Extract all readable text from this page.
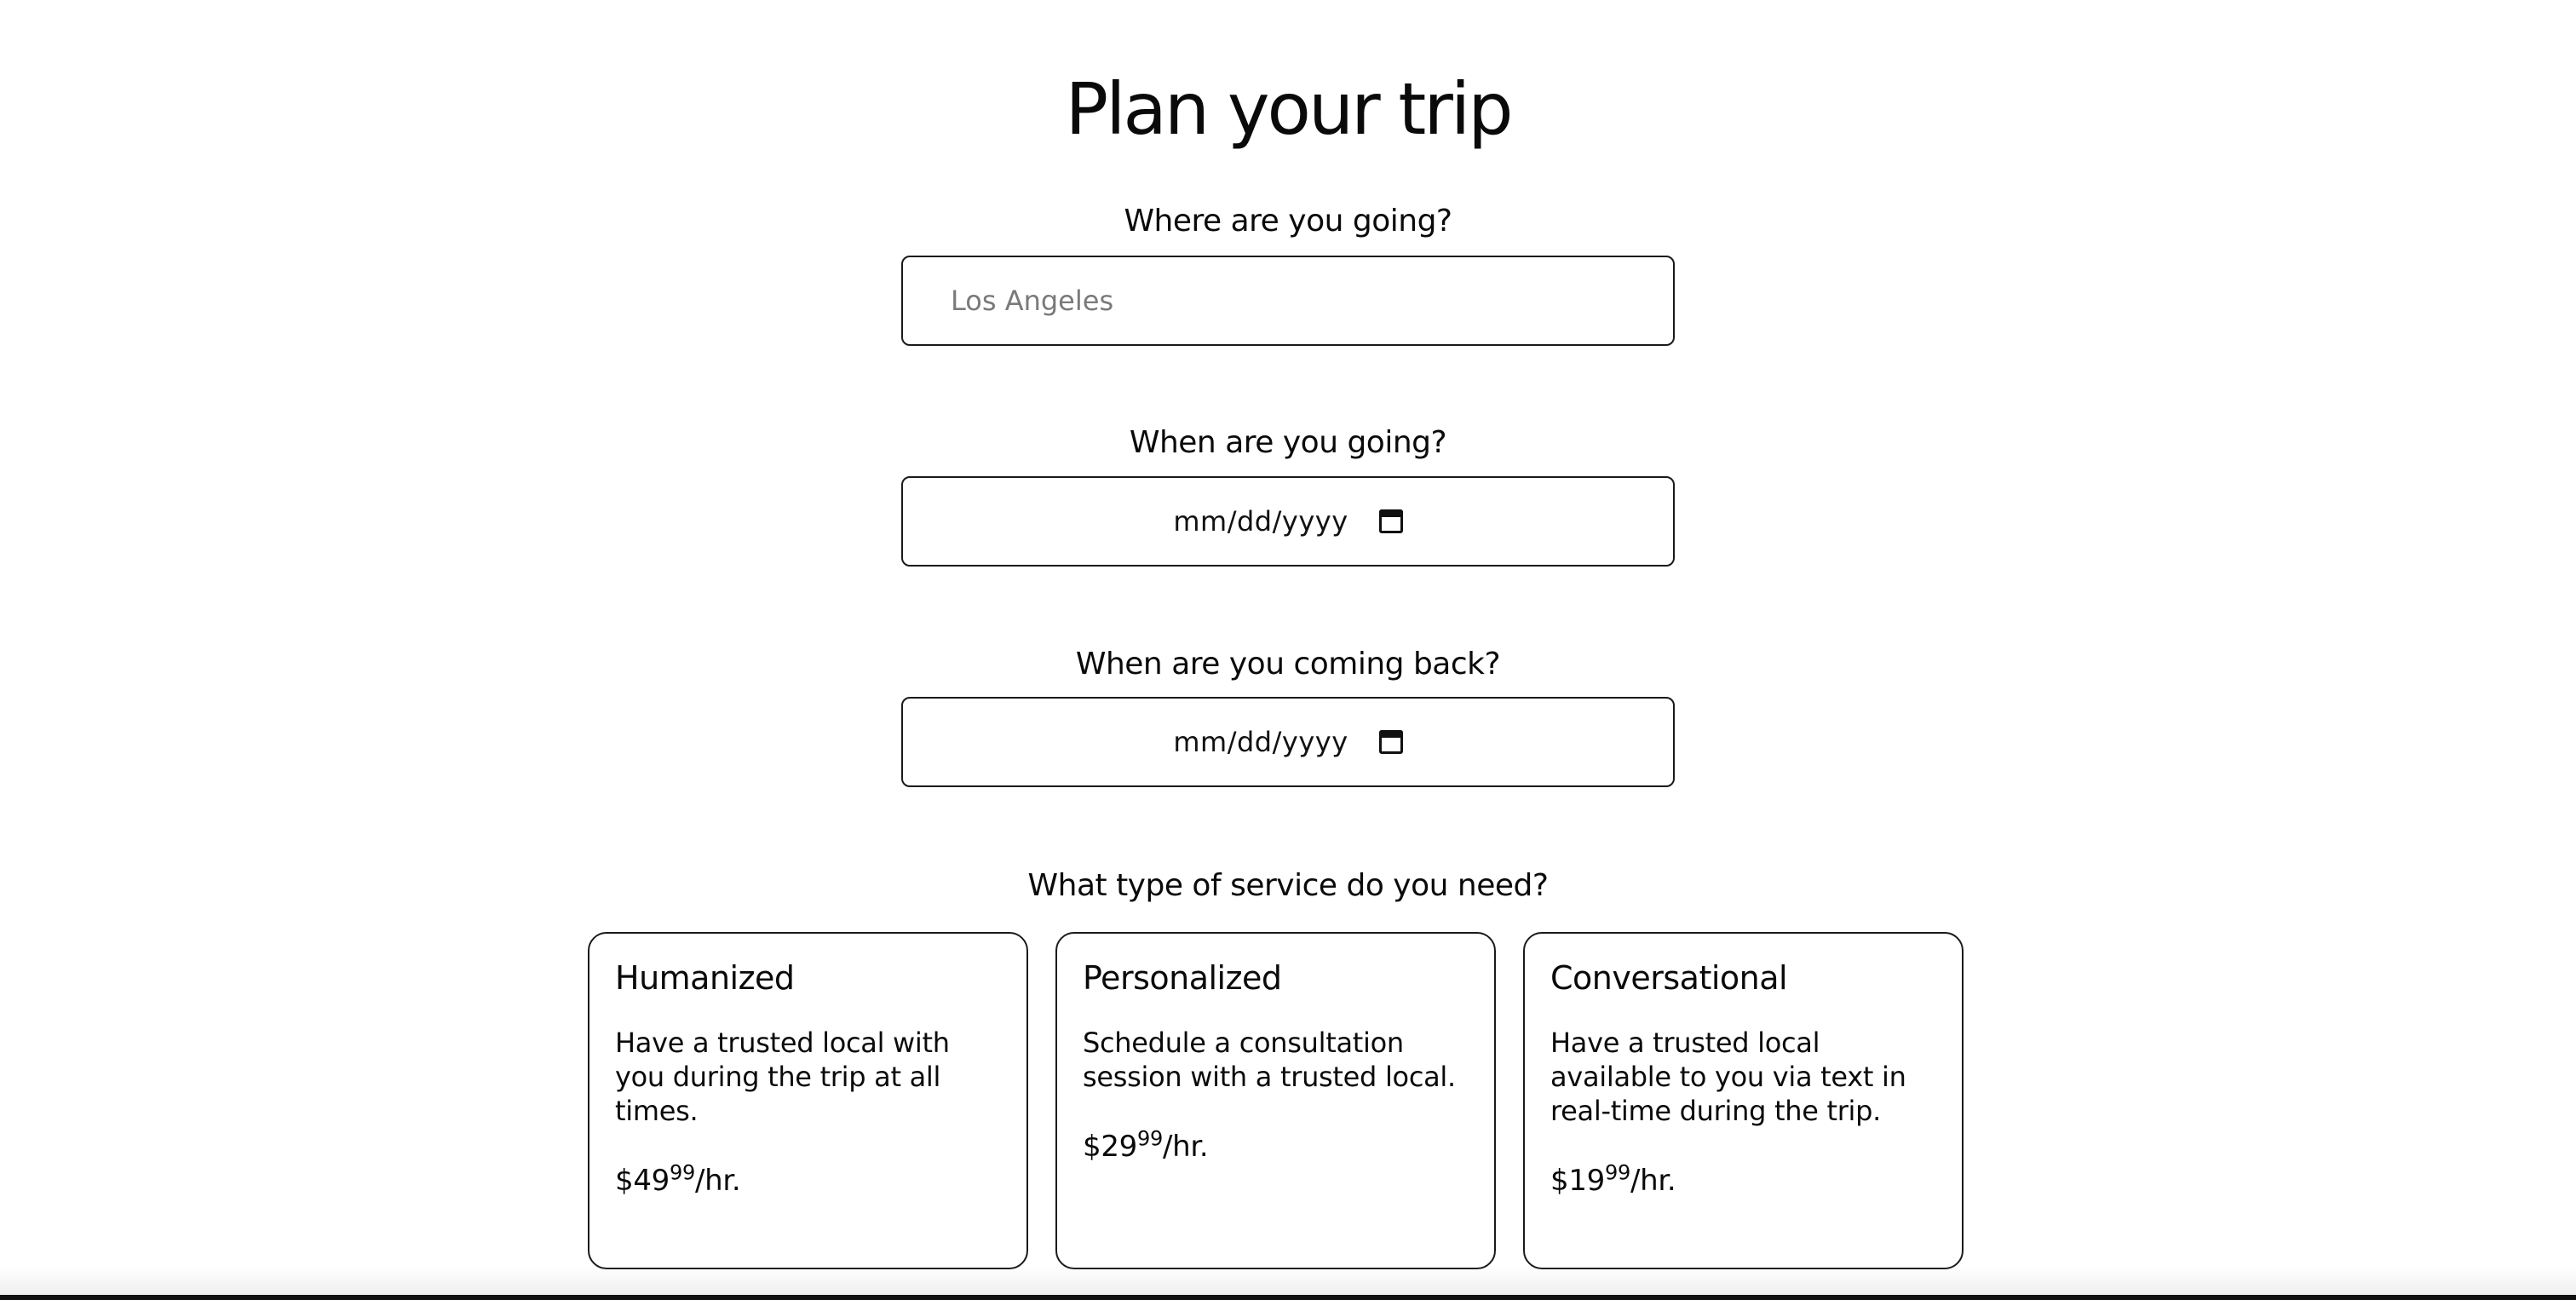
Plan your trip
Where are you going?
Los Angeles
When are you going?
mm/dd/yyyy
When are you coming back?
mm/dd/yyyy
What type of service do you need?
Humanized
Have a trusted local with you during the trip at all times.
$\$49^{99}/hr$.
Personalized
Schedule a consultation session with a trusted local.
$\$29^{99}/hr$.
Conversational
Have a trusted local available to you via text in real-time during the trip.
$\$19^{99}/hr$.
